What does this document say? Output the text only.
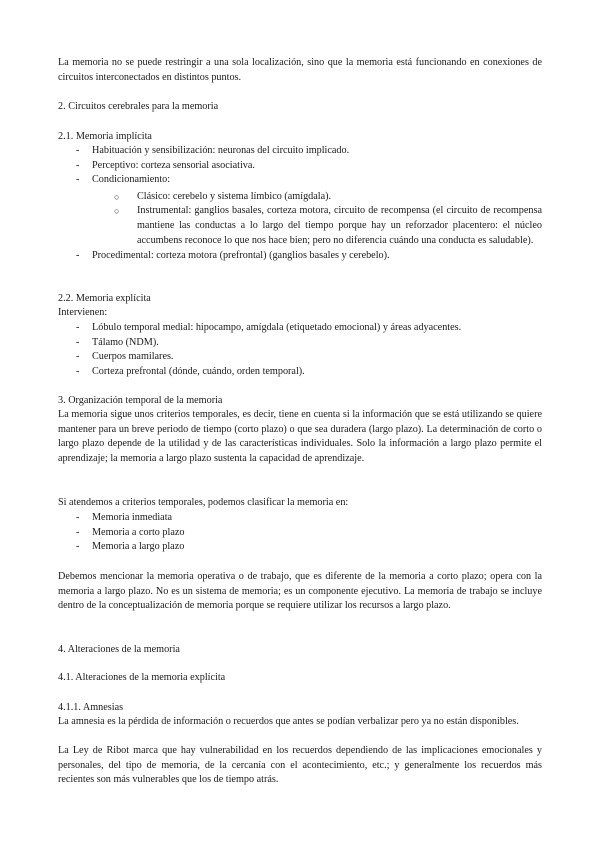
La memoria no se puede restringir a una sola localización, sino que la memoria está funcionando en conexiones de circuitos interconectados en distintos puntos.

2. Circuitos cerebrales para la memoria

2.1. Memoria implícita

- Habituación y sensibilización: neuronas del circuito implicado.
- Perceptivo: corteza sensorial asociativa.
- Condicionamiento:
○ Clásico: cerebelo y sistema límbico (amígdala).
○ Instrumental: ganglios basales, corteza motora, circuito de recompensa (el circuito de recompensa mantiene las conductas a lo largo del tiempo porque hay un reforzador placentero: el núcleo accumbens reconoce lo que nos hace bien; pero no diferencia cuándo una conducta es saludable).
- Procedimental: corteza motora (prefrontal) (ganglios basales y cerebelo).

2.2. Memoria explícita

Intervienen:

- Lóbulo temporal medial: hipocampo, amígdala (etiquetado emocional) y áreas adyacentes.
- Tálamo (NDM).
- Cuerpos mamilares.
- Corteza prefrontal (dónde, cuándo, orden temporal).

3. Organización temporal de la memoria

La memoria sigue unos criterios temporales, es decir, tiene en cuenta si la información que se está utilizando se quiere mantener para un breve periodo de tiempo (corto plazo) o que sea duradera (largo plazo). La determinación de corto o largo plazo depende de la utilidad y de las características individuales. Solo la información a largo plazo permite el aprendizaje; la memoria a largo plazo sustenta la capacidad de aprendizaje.

Si atendemos a criterios temporales, podemos clasificar la memoria en:

- Memoria inmediata
- Memoria a corto plazo
- Memoria a largo plazo

Debemos mencionar la memoria operativa o de trabajo, que es diferente de la memoria a corto plazo; opera con la memoria a largo plazo. No es un sistema de memoria; es un componente ejecutivo. La memoria de trabajo se incluye dentro de la conceptualización de memoria porque se requiere utilizar los recursos a largo plazo.

4. Alteraciones de la memoria

4.1. Alteraciones de la memoria explícita

4.1.1. Amnesias

La amnesia es la pérdida de información o recuerdos que antes se podían verbalizar pero ya no están disponibles.

La Ley de Ribot marca que hay vulnerabilidad en los recuerdos dependiendo de las implicaciones emocionales y personales, del tipo de memoria, de la cercanía con el acontecimiento, etc.; y generalmente los recuerdos más recientes son más vulnerables que los de tiempo atrás.
